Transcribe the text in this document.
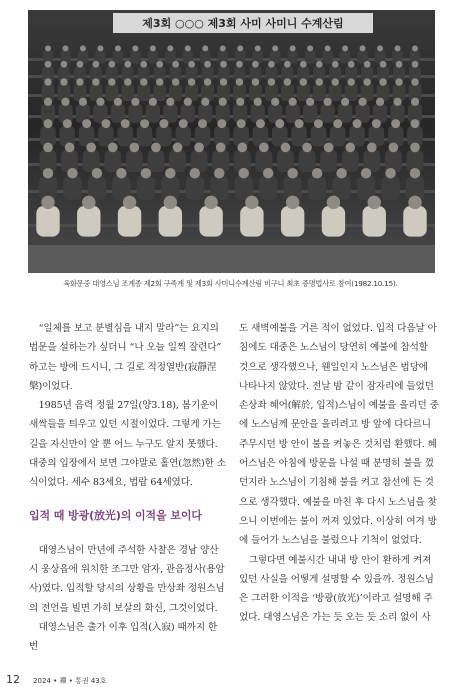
제3회 ○○○ 제3회 사미 사미니 수계산림
육화문중 대영스님 조계종 제2회 구족계 및 제3회 사미니수계산림 비구니 최초 증명법사로 참여(1982.10.15).

“일체를 보고 분별심을 내지 말라”는 요지의 법문을 설하는가 싶더니 “나 오늘 일찍 잘련다” 하고는 방에 드시니, 그 길로 적정열반(寂靜涅槃)이었다.

1985년 음력 정월 27일(양3.18), 봄기운이 새싹들을 틔우고 있던 시절이었다. 그렇게 가는 길을 자신만이 알 뿐 어느 누구도 알지 못했다. 대중의 입장에서 보면 그야말로 홀연(忽然)한 소식이었다. 세수 83세요, 법랍 64세였다.

입적 때 방광(放光)의 이적을 보이다

대영스님이 만년에 주석한 사찰은 경남 양산시 웅상읍에 위치한 조그만 암자, 관음정사(용암사)였다. 입적할 당시의 상황을 만상좌 정원스님의 전언을 빌면 가히 보살의 화신, 그것이었다.

대영스님은 출가 이후 입적(入寂) 때까지 한 번

도 새벽예불을 거른 적이 없었다. 입적 다음날 아침에도 대중은 노스님이 당연히 예불에 참석할 것으로 생각했으나, 웬일인지 노스님은 법당에 나타나지 않았다. 전날 밤 같이 잠자리에 들었던 손상좌 혜어(解於, 입적)스님이 예불을 올리던 중에 노스님께 문안을 올리려고 방 앞에 다다르니 주무시던 방 안이 불을 켜놓은 것처럼 환했다. 혜어스님은 아침에 방문을 나설 때 분명히 불을 껐던지라 노스님이 기침해 불을 켜고 참선에 든 것으로 생각했다. 예불을 마친 후 다시 노스님을 찾으니 이번에는 불이 꺼져 있었다. 이상히 여겨 방에 들어가 노스님을 불렀으나 기척이 없었다.

그렇다면 예불시간 내내 방 안이 환하게 켜져 있던 사실을 어떻게 설명할 수 있을까. 정원스님은 그러한 이적을 ‘방광(放光)’이라고 설명해 주었다. 대영스님은 가는 듯 오는 듯 소리 없이 사

12 2024 • 禪 • 통권 43호
